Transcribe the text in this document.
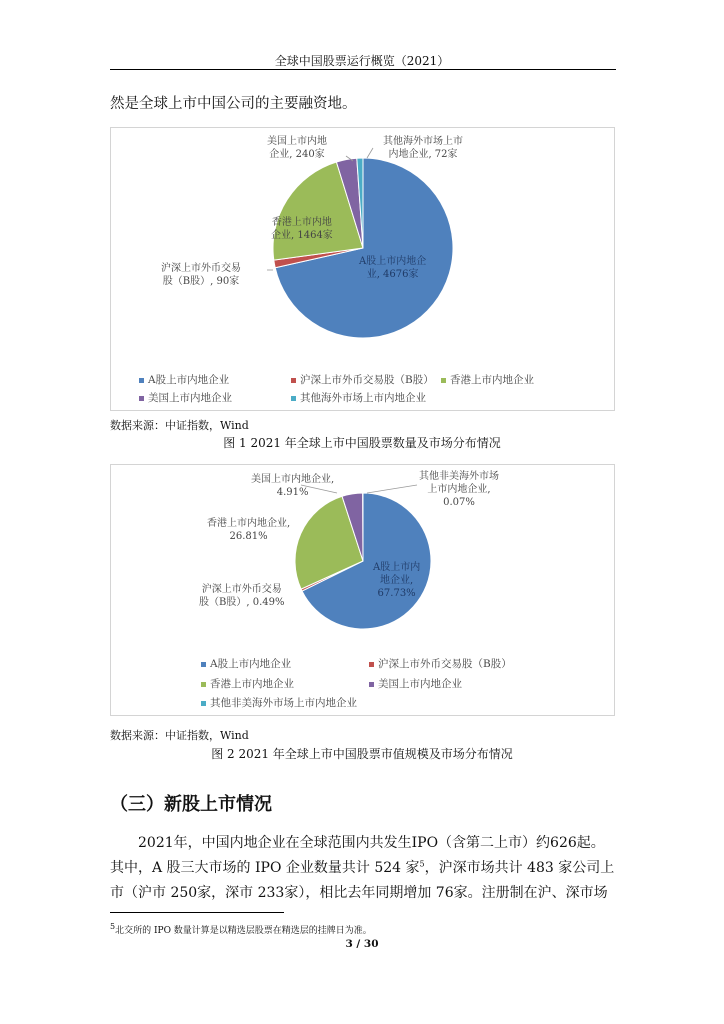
全球中国股票运行概览（2021）
然是全球上市中国公司的主要融资地。
A股上市内地企
业, 4676家
沪深上市外币交易
股（B股）, 90家
香港上市内地
企业, 1464家
美国上市内地
企业, 240家
其他海外市场上市
内地企业, 72家
A股上市内地企业	沪深上市外币交易股（B股）	香港上市内地企业
美国上市内地企业	其他海外市场上市内地企业
数据来源：中证指数，Wind
图 1 2021 年全球上市中国股票数量及市场分布情况
A股上市内
地企业,
67.73%
沪深上市外币交易
股（B股）, 0.49%
香港上市内地企业,
26.81%
美国上市内地企业,
4.91%
其他非美海外市场
上市内地企业,
0.07%
A股上市内地企业	沪深上市外币交易股（B股）
香港上市内地企业	美国上市内地企业
其他非美海外市场上市内地企业
数据来源：中证指数，Wind
图 2 2021 年全球上市中国股票市值规模及市场分布情况
（三）新股上市情况
2021年，中国内地企业在全球范围内共发生IPO（含第二上市）约626起。
其中，A 股三大市场的 IPO 企业数量共计 524 家$^5$，沪深市场共计 483 家公司上
市（沪市 250家，深市 233家），相比去年同期增加 76家。注册制在沪、深市场
$^5$北交所的 IPO 数量计算是以精选层股票在精选层的挂牌日为准。
3 / 30
